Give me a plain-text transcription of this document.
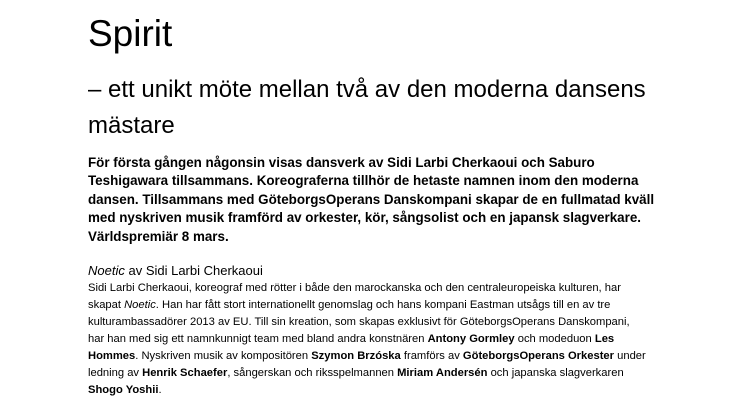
Spirit
– ett unikt möte mellan två av den moderna dansens mästare

För första gången någonsin visas dansverk av Sidi Larbi Cherkaoui och Saburo Teshigawara tillsammans. Koreograferna tillhör de hetaste namnen inom den moderna dansen. Tillsammans med GöteborgsOperans Danskompani skapar de en fullmatad kväll med nyskriven musik framförd av orkester, kör, sångsolist och en japansk slagverkare. Världspremiär 8 mars.

Noetic av Sidi Larbi Cherkaoui

Sidi Larbi Cherkaoui, koreograf med rötter i både den marockanska och den centraleuropeiska kulturen, har skapat Noetic. Han har fått stort internationellt genomslag och hans kompani Eastman utsågs till en av tre kulturambassadörer 2013 av EU. Till sin kreation, som skapas exklusivt för GöteborgsOperans Danskompani, har han med sig ett namnkunnigt team med bland andra konstnären Antony Gormley och modeduon Les Hommes. Nyskriven musik av kompositören Szymon Brzóska framförs av GöteborgsOperans Orkester under ledning av Henrik Schaefer, sångerskan och riksspelmannen Miriam Andersén och japanska slagverkaren Shogo Yoshii.
